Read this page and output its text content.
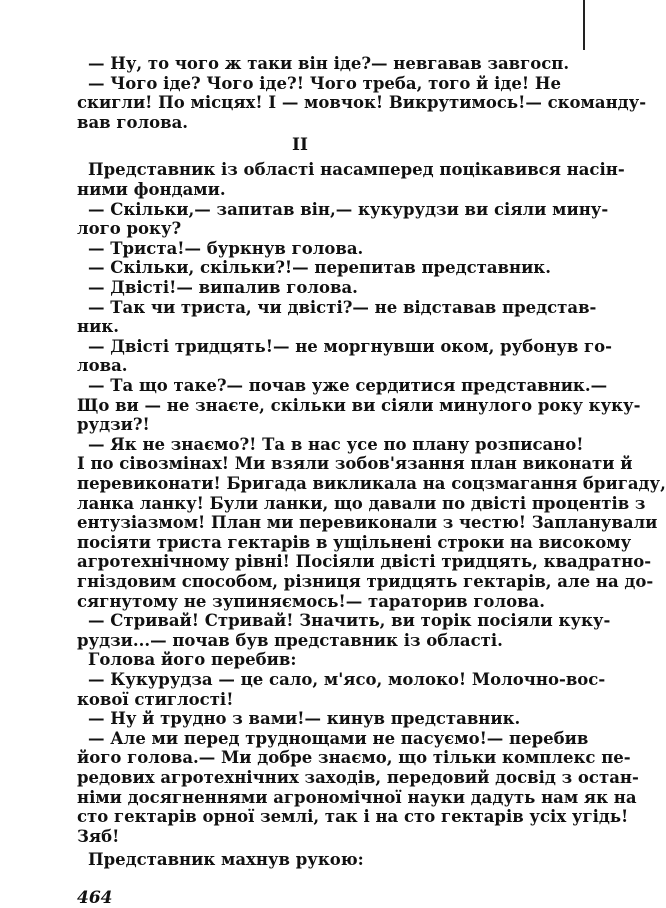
— Ну, то чого ж таки він іде?— невгавав завгосп.
— Чого іде? Чого іде?! Чого треба, того й іде! Не
скигли! По місцях! І — мовчок! Викрутимось!— скоманду-
вав голова.
II
Представник із області насамперед поцікавився насін-
ними фондами.
— Скільки,— запитав він,— кукурудзи ви сіяли мину-
лого року?
— Триста!— буркнув голова.
— Скільки, скільки?!— перепитав представник.
— Двісті!— випалив голова.
— Так чи триста, чи двісті?— не відставав представ-
ник.
— Двісті тридцять!— не моргнувши оком, рубонув го-
лова.
— Та що таке?— почав уже сердитися представник.—
Що ви — не знаєте, скільки ви сіяли минулого року куку-
рудзи?!
— Як не знаємо?! Та в нас усе по плану розписано!
І по сівозмінах! Ми взяли зобов'язання план виконати й
перевиконати! Бригада викликала на соцзмагання бригаду,
ланка ланку! Були ланки, що давали по двісті процентів з
ентузіазмом! План ми перевиконали з честю! Запланували
посіяти триста гектарів в ущільнені строки на високому
агротехнічному рівні! Посіяли двісті тридцять, квадратно-
гніздовим способом, різниця тридцять гектарів, але на до-
сягнутому не зупиняємось!— тараторив голова.
— Стривай! Стривай! Значить, ви торік посіяли куку-
рудзи...— почав був представник із області.
Голова його перебив:
— Кукурудза — це сало, м'ясо, молоко! Молочно-вос-
кової стиглості!
— Ну й трудно з вами!— кинув представник.
— Але ми перед труднощами не пасуємо!— перебив
його голова.— Ми добре знаємо, що тільки комплекс пе-
редових агротехнічних заходів, передовий досвід з остан-
німи досягненнями агрономічної науки дадуть нам як на
сто гектарів орної землі, так і на сто гектарів усіх угідь!
Зяб!
Представник махнув рукою:
464
